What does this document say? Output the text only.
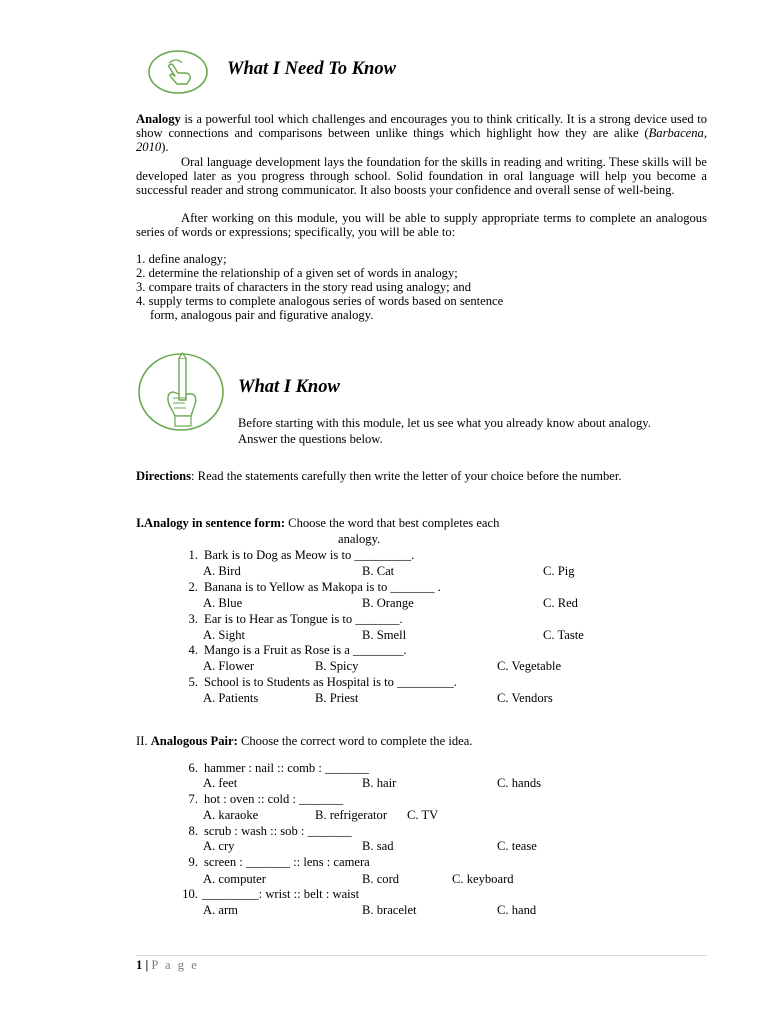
What I Need To Know
Analogy is a powerful tool which challenges and encourages you to think critically. It is a strong device used to show connections and comparisons between unlike things which highlight how they are alike (Barbacena, 2010).
Oral language development lays the foundation for the skills in reading and writing. These skills will be developed later as you progress through school. Solid foundation in oral language will help you become a successful reader and strong communicator. It also boosts your confidence and overall sense of well-being.
After working on this module, you will be able to supply appropriate terms to complete an analogous series of words or expressions; specifically, you will be able to:
1. define analogy;
2. determine the relationship of a given set of words in analogy;
3. compare traits of characters in the story read using analogy; and
4. supply terms to complete analogous series of words based on sentence
form, analogous pair and figurative analogy.
What I Know
Before starting with this module, let us see what you already know about analogy.
Answer the questions below.
Directions: Read the statements carefully then write the letter of your choice before the number.
I.Analogy in sentence form: Choose the word that best completes each
analogy.
1. Bark is to Dog as Meow is to _________.
A. Bird	B. Cat	C. Pig
2. Banana is to Yellow as Makopa is to _______ .
A. Blue	B. Orange	C. Red
3. Ear is to Hear as Tongue is to _______.
A. Sight	B. Smell	C. Taste
4. Mango is a Fruit as Rose is a ________.
A. Flower	B. Spicy	C. Vegetable
5. School is to Students as Hospital is to _________.
A. Patients	B. Priest	C. Vendors
II. Analogous Pair: Choose the correct word to complete the idea.
6. hammer : nail :: comb : _______
A. feet	B. hair	C. hands
7. hot : oven :: cold : _______
A. karaoke	B. refrigerator C. TV
8. scrub : wash :: sob : _______
A. cry	B. sad	C. tease
9. screen : _______ :: lens : camera
A. computer	B. cord	C. keyboard
10. _________: wrist :: belt : waist
A. arm	B. bracelet	C. hand
1 | P a g e
